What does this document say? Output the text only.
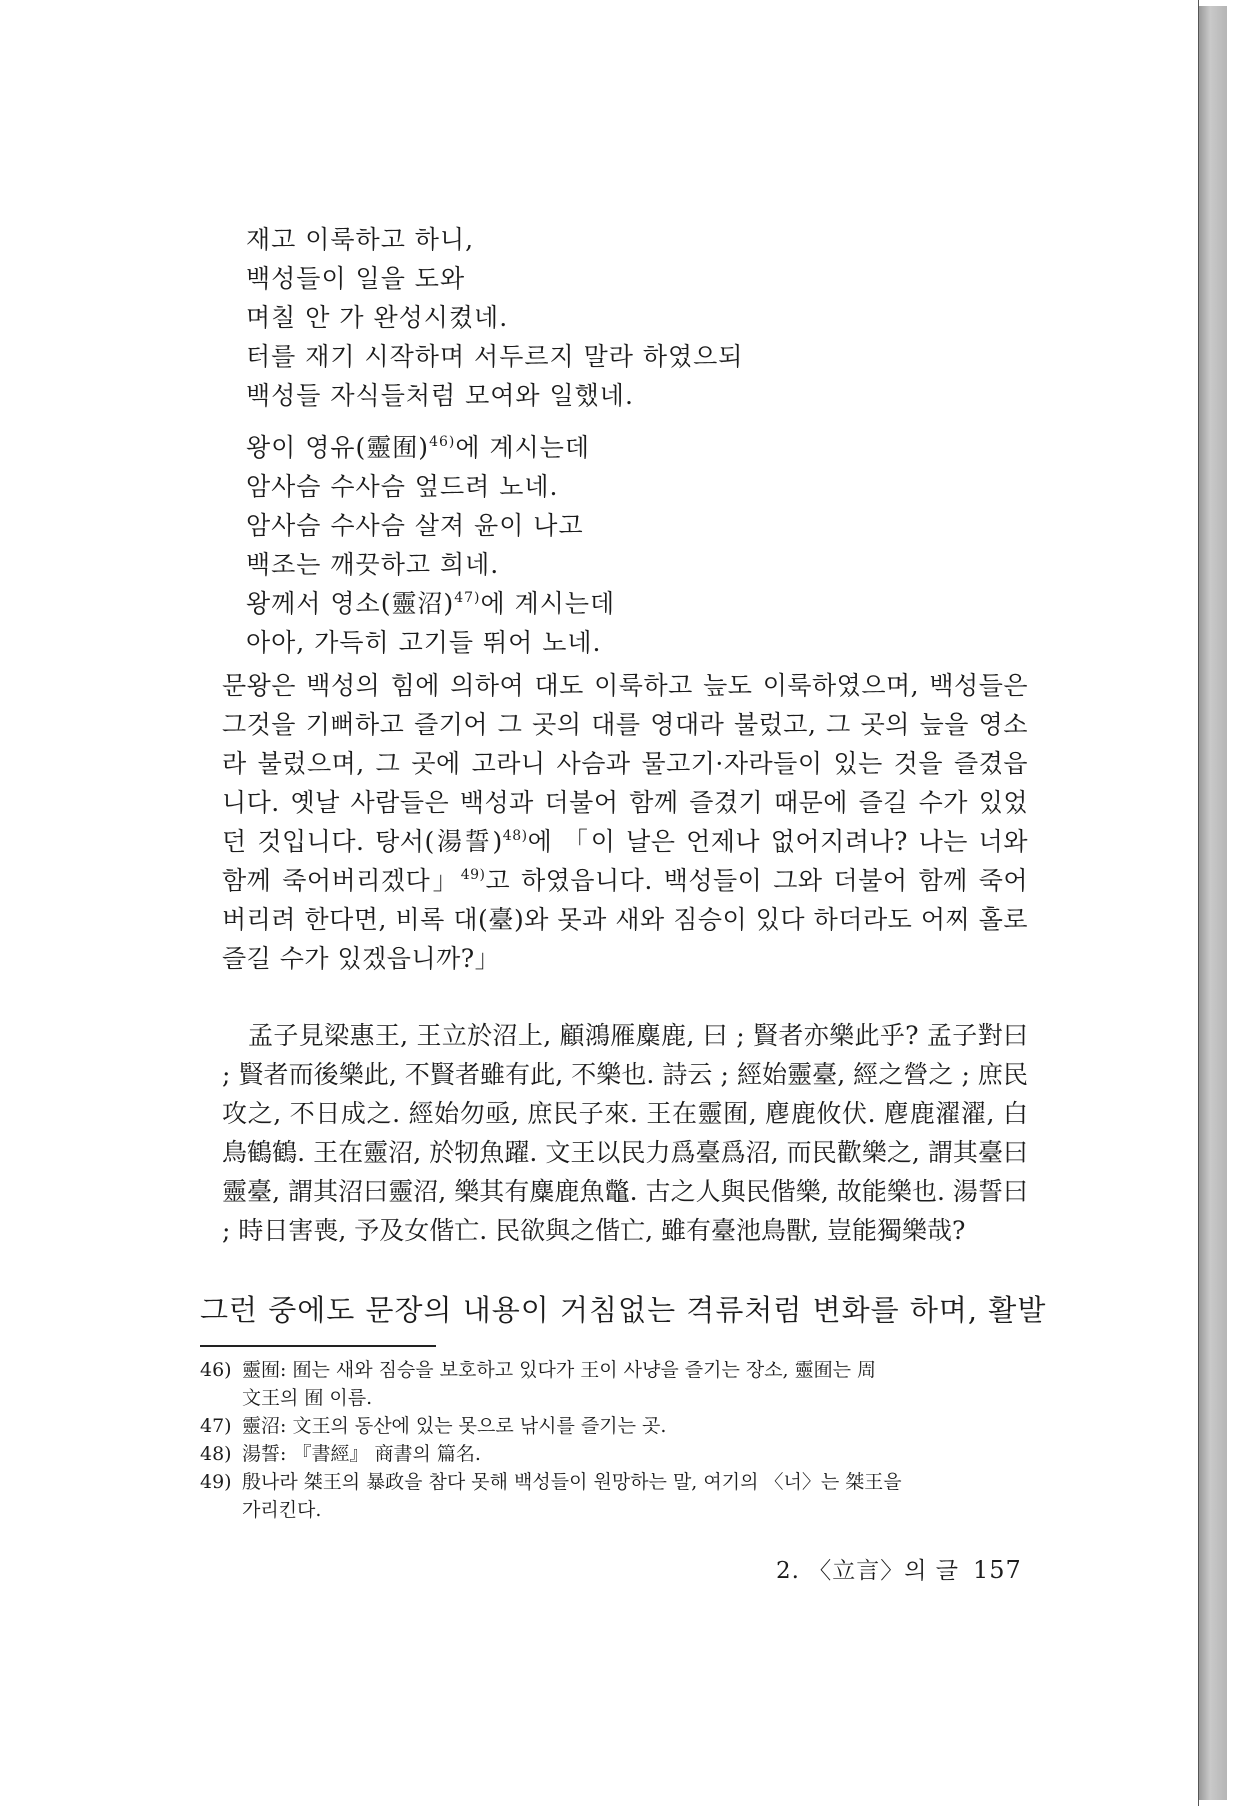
재고 이룩하고 하니,
백성들이 일을 도와
며칠 안 가 완성시켰네.
터를 재기 시작하며 서두르지 말라 하였으되
백성들 자식들처럼 모여와 일했네.
왕이 영유(靈囿)$^{46)}$에 계시는데
암사슴 수사슴 엎드려 노네.
암사슴 수사슴 살져 윤이 나고
백조는 깨끗하고 희네.
왕께서 영소(靈沼)$^{47)}$에 계시는데
아아, 가득히 고기들 뛰어 노네.
문왕은 백성의 힘에 의하여 대도 이룩하고 늪도 이룩하였으며, 백성들은 그것을 기뻐하고 즐기어 그 곳의 대를 영대라 불렀고, 그 곳의 늪을 영소라 불렀으며, 그 곳에 고라니 사슴과 물고기·자라들이 있는 것을 즐겼읍니다. 옛날 사람들은 백성과 더불어 함께 즐겼기 때문에 즐길 수가 있었던 것입니다. 탕서(湯誓)$^{48)}$에 「이 날은 언제나 없어지려나? 나는 너와 함께 죽어버리겠다」$^{49)}$고 하였읍니다. 백성들이 그와 더불어 함께 죽어버리려 한다면, 비록 대(臺)와 못과 새와 짐승이 있다 하더라도 어찌 홀로 즐길 수가 있겠읍니까?」
孟子見梁惠王, 王立於沼上, 顧鴻雁麋鹿, 曰 ; 賢者亦樂此乎? 孟子對曰 ; 賢者而後樂此, 不賢者雖有此, 不樂也. 詩云 ; 經始靈臺, 經之營之 ; 庶民攻之, 不日成之. 經始勿亟, 庶民子來. 王在靈囿, 麀鹿攸伏. 麀鹿濯濯, 白鳥鶴鶴. 王在靈沼, 於牣魚躍. 文王以民力爲臺爲沼, 而民歡樂之, 謂其臺曰靈臺, 謂其沼曰靈沼, 樂其有麋鹿魚鼈. 古之人與民偕樂, 故能樂也. 湯誓曰 ; 時日害喪, 予及女偕亡. 民欲與之偕亡, 雖有臺池鳥獸, 豈能獨樂哉?
그런 중에도 문장의 내용이 거침없는 격류처럼 변화를 하며, 활발

46) 靈囿: 囿는 새와 짐승을 보호하고 있다가 王이 사냥을 즐기는 장소, 靈囿는 周
文王의 囿 이름.

47) 靈沼: 文王의 동산에 있는 못으로 낚시를 즐기는 곳.

48) 湯誓: 『書經』 商書의 篇名.

49) 殷나라 桀王의 暴政을 참다 못해 백성들이 원망하는 말, 여기의 〈너〉는 桀王을
가리킨다.

2. 〈立言〉의 글 157
